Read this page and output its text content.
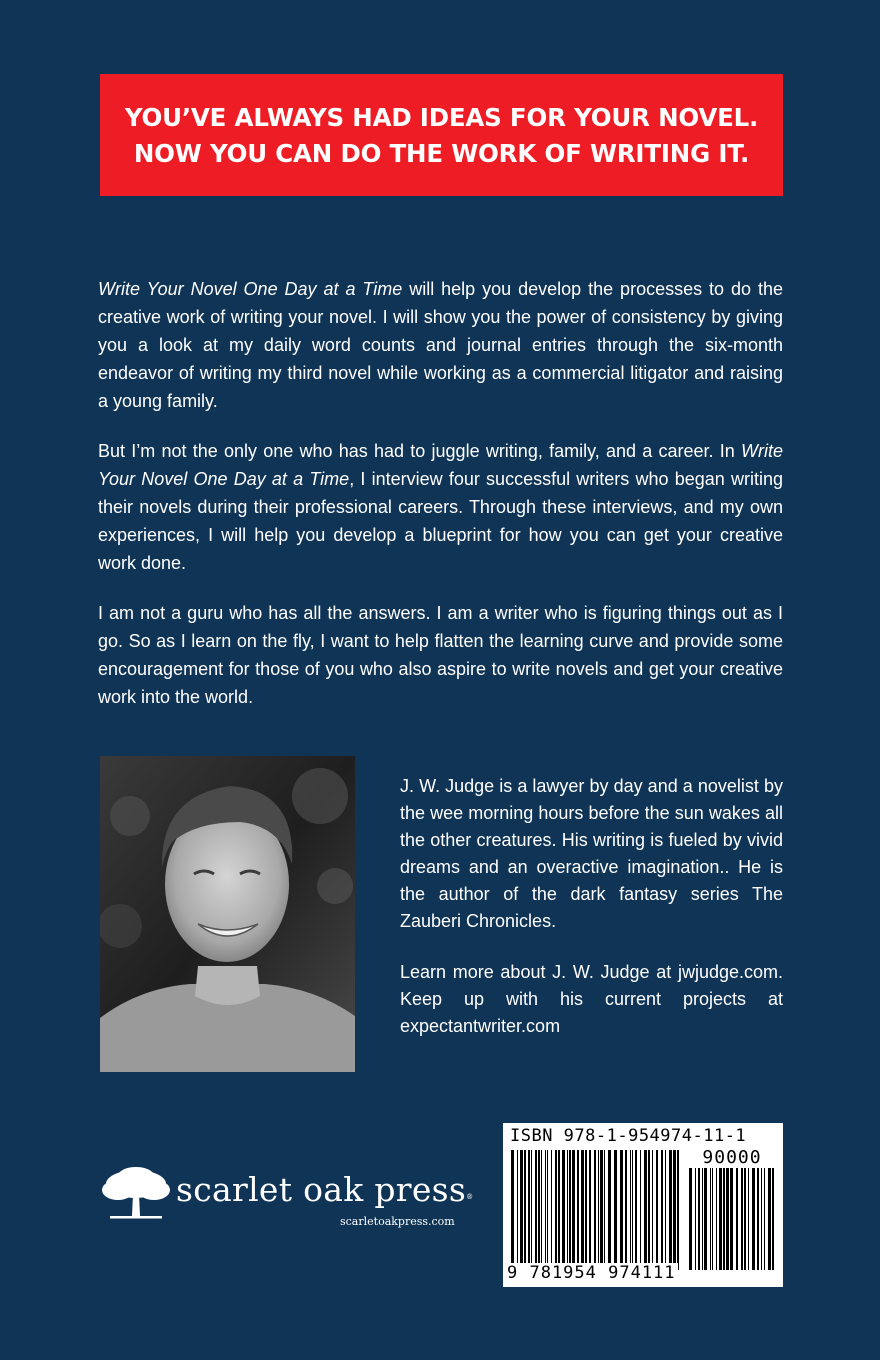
YOU’VE ALWAYS HAD IDEAS FOR YOUR NOVEL.
NOW YOU CAN DO THE WORK OF WRITING IT.

Write Your Novel One Day at a Time will help you develop the processes to do the creative work of writing your novel. I will show you the power of consistency by giving you a look at my daily word counts and journal entries through the six-month endeavor of writing my third novel while working as a commercial litigator and raising a young family.

But I’m not the only one who has had to juggle writing, family, and a career. In Write Your Novel One Day at a Time, I interview four successful writers who began writing their novels during their professional careers. Through these interviews, and my own experiences, I will help you develop a blueprint for how you can get your creative work done.

I am not a guru who has all the answers. I am a writer who is figuring things out as I go. So as I learn on the fly, I want to help flatten the learning curve and provide some encouragement for those of you who also aspire to write novels and get your creative work into the world.

J. W. Judge is a lawyer by day and a novelist by the wee morning hours before the sun wakes all the other creatures. His writing is fueled by vivid dreams and an overactive imagination.. He is the author of the dark fantasy series The Zauberi Chronicles.

Learn more about J. W. Judge at jwjudge.com. Keep up with his current projects at expectantwriter.com

scarlet oak press®
scarletoakpress.com
ISBN 978-1-954974-11-1
90000
9 781954 974111
